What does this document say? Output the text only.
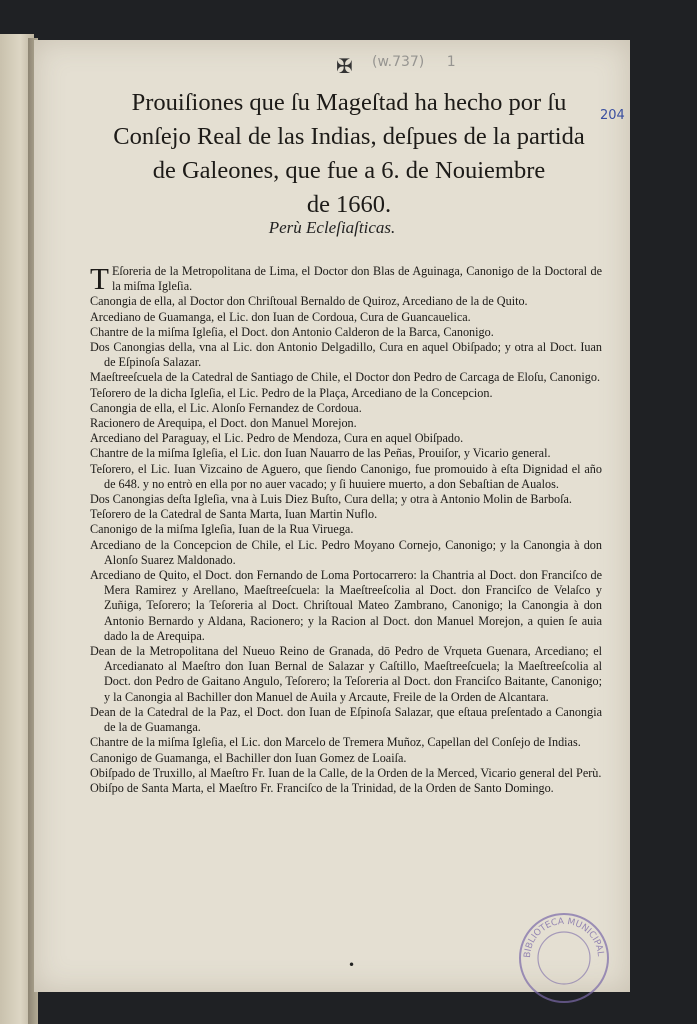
✠ (w.737) 1
204
Prouiſiones que ſu Mageſtad ha hecho por ſu
Conſejo Real de las Indias, deſpues de la partida
de Galeones, que fue a 6. de Nouiembre
de 1660.
Perù Ecleſiaſticas.

T Eſoreria de la Metropolitana de Lima, el Doctor don Blas de Aguinaga, Canonigo de la Doctoral de la miſma Igleſia.

Canongia de ella, al Doctor don Chriſtoual Bernaldo de Quiroz, Arcediano de la de Quito.

Arcediano de Guamanga, el Lic. don Iuan de Cordoua, Cura de Guancaueliсa.

Chantre de la miſma Igleſia, el Doct. don Antonio Calderon de la Barca, Canonigo.

Dos Canongias della, vna al Lic. don Antonio Delgadillo, Cura en aquel Obiſpado; y otra al Doct. Iuan de Eſpinoſa Salazar.

Maeſtreeſcuela de la Catedral de Santiago de Chile, el Doctor don Pedro de Carcaga de Eloſu, Canonigo.

Teſorero de la dicha Igleſia, el Lic. Pedro de la Plaça, Arcediano de la Concepcion.

Canongia de ella, el Lic. Alonſo Fernandez de Cordoua.

Racionero de Arequipa, el Doct. don Manuel Morejon.

Arcediano del Paraguay, el Lic. Pedro de Mendoza, Cura en aquel Obiſpado.

Chantre de la miſma Igleſia, el Lic. don Iuan Nauarro de las Peñas, Prouiſor, y Vicario general.

Teſorero, el Lic. Iuan Vizcaino de Aguero, que ſiendo Canonigo, fue promouido à eſta Dignidad el año de 648. y no entrò en ella por no auer vacado; y ſi huuiere muerto, a don Sebaſtian de Aualos.

Dos Canongias deſta Igleſia, vna à Luis Diez Buſto, Cura della; y otra à Antonio Molin de Barboſa.

Teſorero de la Catedral de Santa Marta, Iuan Martin Nuflo.

Canonigo de la miſma Igleſia, Iuan de la Rua Viruega.

Arcediano de la Concepcion de Chile, el Lic. Pedro Moyano Cornejo, Canonigo; y la Canongia à don Alonſo Suarez Maldonado.

Arcediano de Quito, el Doct. don Fernando de Loma Portocarrero: la Chantria al Doct. don Franciſco de Mera Ramirez y Arellano, Maeſtreeſcuela: la Maeſtreeſcolia al Doct. don Franciſco de Velaſco y Zuñiga, Teſorero; la Teſoreria al Doct. Chriſtoual Mateo Zambrano, Canonigo; la Canongia à don Antonio Bernardo y Aldana, Racionero; y la Racion al Doct. don Manuel Morejon, a quien ſe auia dado la de Arequipa.

Dean de la Metropolitana del Nueuo Reino de Granada, dō Pedro de Vrqueta Guenara, Arcediano; el Arcedianato al Maeſtro don Iuan Bernal de Salazar y Caſtillo, Maeſtreeſcuela; la Maeſtreeſcolia al Doct. don Pedro de Gaitano Angulo, Teſorero; la Teſoreria al Doct. don Franciſco Baitante, Canonigo; y la Canongia al Bachiller don Manuel de Auila y Arcaute, Freile de la Orden de Alcantara.

Dean de la Catedral de la Paz, el Doct. don Iuan de Eſpinoſa Salazar, que eſtaua preſentado a Canongia de la de Guamanga.

Chantre de la miſma Igleſia, el Lic. don Marcelo de Tremera Muñoz, Capellan del Conſejo de Indias.

Canonigo de Guamanga, el Bachiller don Iuan Gomez de Loaiſa.

Obiſpado de Truxillo, al Maeſtro Fr. Iuan de la Calle, de la Orden de la Merced, Vicario general del Perù.

Obiſpo de Santa Marta, el Maeſtro Fr. Franciſco de la Trinidad, de la Orden de Santo Domingo.

•
BIBLIOTECA MUNICIPAL
